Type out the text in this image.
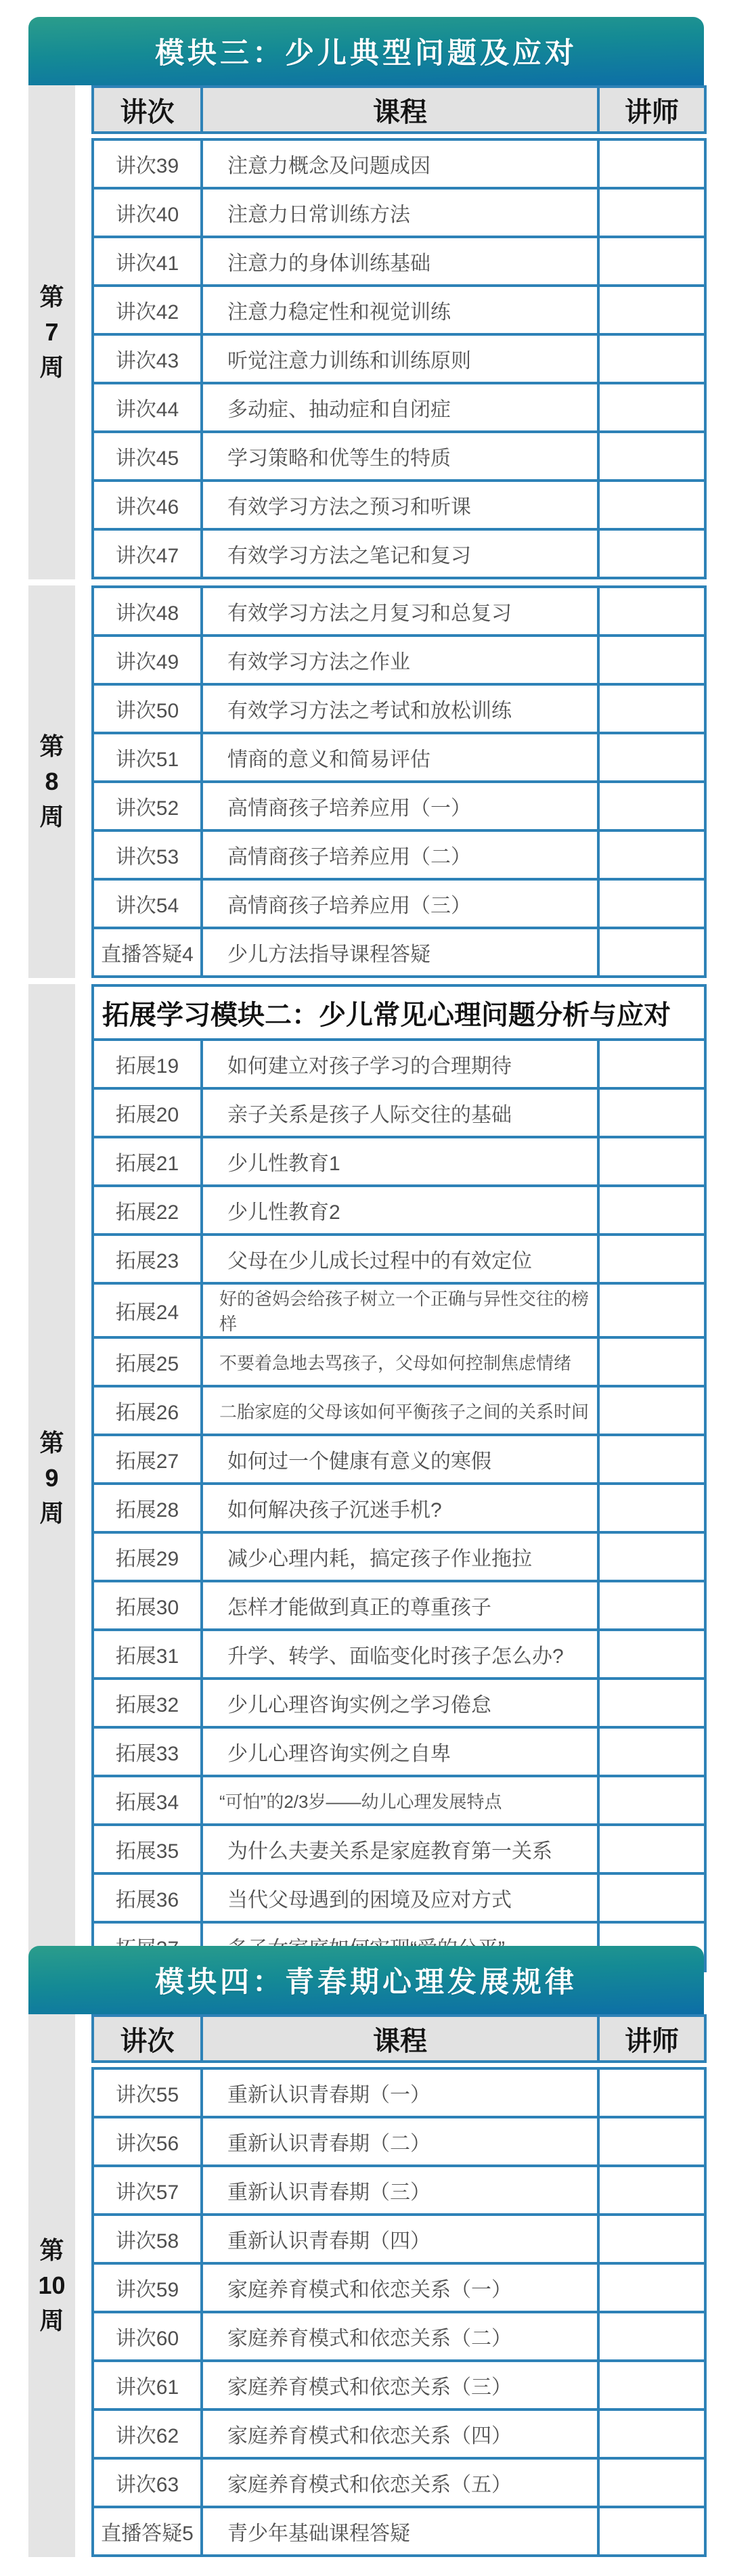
模块三：少儿典型问题及应对
第
7
周
讲次	课程	讲师
讲次39	注意力概念及问题成因	
讲次40	注意力日常训练方法	
讲次41	注意力的身体训练基础	
讲次42	注意力稳定性和视觉训练	
讲次43	听觉注意力训练和训练原则	
讲次44	多动症、抽动症和自闭症	
讲次45	学习策略和优等生的特质	
讲次46	有效学习方法之预习和听课	
讲次47	有效学习方法之笔记和复习	
第
8
周
讲次48	有效学习方法之月复习和总复习	
讲次49	有效学习方法之作业	
讲次50	有效学习方法之考试和放松训练	
讲次51	情商的意义和简易评估	
讲次52	高情商孩子培养应用（一）	
讲次53	高情商孩子培养应用（二）	
讲次54	高情商孩子培养应用（三）	
直播答疑4	少儿方法指导课程答疑	
第
9
周
拓展学习模块二：少儿常见心理问题分析与应对		
拓展19	如何建立对孩子学习的合理期待	
拓展20	亲子关系是孩子人际交往的基础	
拓展21	少儿性教育1	
拓展22	少儿性教育2	
拓展23	父母在少儿成长过程中的有效定位	
拓展24	好的爸妈会给孩子树立一个正确与异性交往的榜样	
拓展25	不要着急地去骂孩子，父母如何控制焦虑情绪	
拓展26	二胎家庭的父母该如何平衡孩子之间的关系时间	
拓展27	如何过一个健康有意义的寒假	
拓展28	如何解决孩子沉迷手机?	
拓展29	减少心理内耗，搞定孩子作业拖拉	
拓展30	怎样才能做到真正的尊重孩子	
拓展31	升学、转学、面临变化时孩子怎么办?	
拓展32	少儿心理咨询实例之学习倦怠	
拓展33	少儿心理咨询实例之自卑	
拓展34	“可怕”的2/3岁——幼儿心理发展特点	
拓展35	为什么夫妻关系是家庭教育第一关系	
拓展36	当代父母遇到的困境及应对方式	

模块四：青春期心理发展规律
第
10
周
讲次	课程	讲师
讲次55	重新认识青春期（一）	
讲次56	重新认识青春期（二）	
讲次57	重新认识青春期（三）	
讲次58	重新认识青春期（四）	
讲次59	家庭养育模式和依恋关系（一）	
讲次60	家庭养育模式和依恋关系（二）	
讲次61	家庭养育模式和依恋关系（三）	
讲次62	家庭养育模式和依恋关系（四）	
讲次63	家庭养育模式和依恋关系（五）	
直播答疑5	青少年基础课程答疑	
